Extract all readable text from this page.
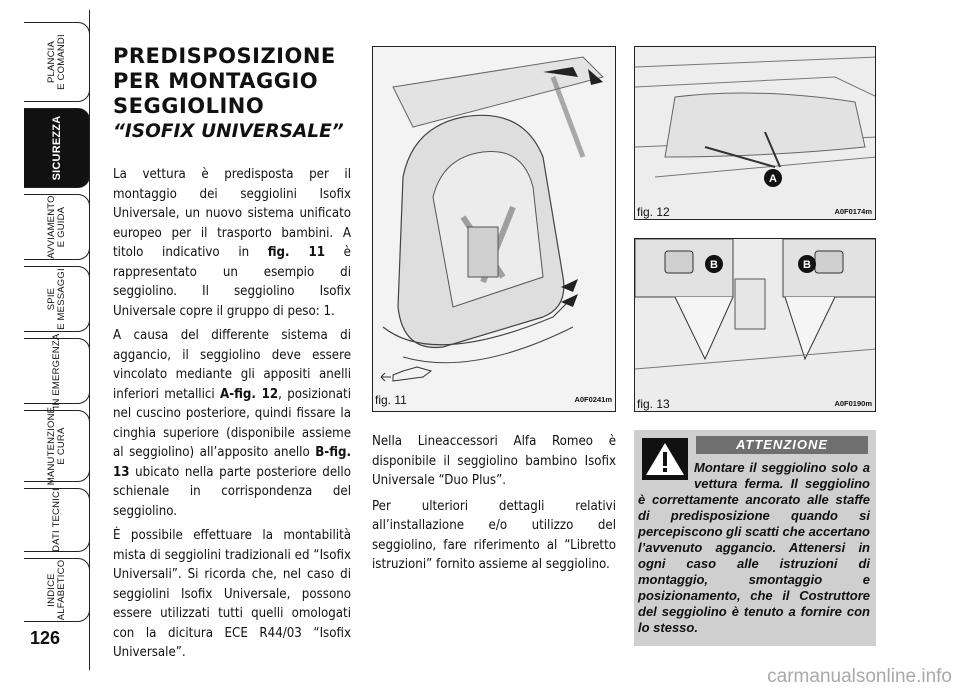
PLANCIA
E COMANDI
SICUREZZA
AVVIAMENTO
E GUIDA
SPIE
E MESSAGGI
IN EMERGENZA
MANUTENZIONE
E CURA
DATI TECNICI
INDICE
ALFABETICO
126
PREDISPOSIZIONE
PER MONTAGGIO
SEGGIOLINO
“ISOFIX UNIVERSALE”

La vettura è predisposta per il montaggio dei seggiolini Isofix Universale, un nuovo sistema unificato europeo per il trasporto bambini. A titolo indicativo in fig. 11 è rappresentato un esempio di seggiolino. Il seggiolino Isofix Universale copre il gruppo di peso: 1.

A causa del differente sistema di aggancio, il seggiolino deve essere vincolato mediante gli appositi anelli inferiori metallici A-fig. 12, posizionati nel cuscino posteriore, quindi fissare la cinghia superiore (disponibile assieme al seggiolino) all’apposito anello B-fig. 13 ubicato nella parte posteriore dello schienale in corrispondenza del seggiolino.

È possibile effettuare la montabilità mista di seggiolini tradizionali ed “Isofix Universali”. Si ricorda che, nel caso di seggiolini Isofix Universale, possono essere utilizzati tutti quelli omologati con la dicitura ECE R44/03 “Isofix Universale”.

fig. 11	A0F0241m
A
fig. 12	A0F0174m
B	B
fig. 13	A0F0190m

Nella Lineaccessori Alfa Romeo è disponibile il seggiolino bambino Isofix Universale “Duo Plus”.

Per ulteriori dettagli relativi all’installazione e/o utilizzo del seggiolino, fare riferimento al “Libretto istruzioni” fornito assieme al seggiolino.

ATTENZIONE
Montare il seggiolino solo a vettura ferma. Il seggiolino è correttamente ancorato alle staffe di predisposizione quando si percepiscono gli scatti che accertano l’avvenuto aggancio. Attenersi in ogni caso alle istruzioni di montaggio, smontaggio e posizionamento, che il Costruttore del seggiolino è tenuto a fornire con lo stesso.
carmanualsonline.info
